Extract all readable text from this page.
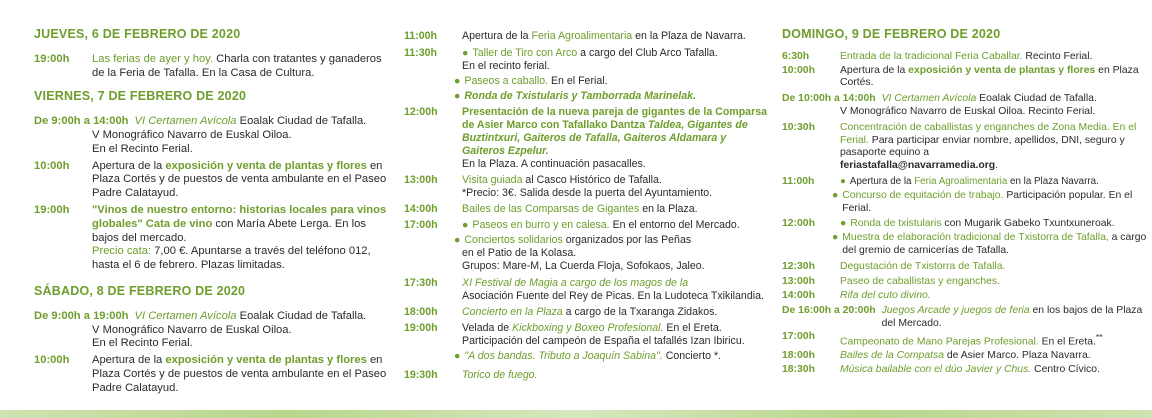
JUEVES, 6 DE FEBRERO DE 2020
19:00h	Las ferias de ayer y hoy. Charla con tratantes y ganaderos de la Feria de Tafalla. En la Casa de Cultura.
VIERNES, 7 DE FEBRERO DE 2020
De 9:00h a 14:00h VI Certamen Avícola Eoalak Ciudad de Tafalla.
V Monográfico Navarro de Euskal Oiloa.
En el Recinto Ferial.
10:00h	Apertura de la exposición y venta de plantas y flores en Plaza Cortés y de puestos de venta ambulante en el Paseo Padre Calatayud.
19:00h	"Vinos de nuestro entorno: historias locales para vinos globales" Cata de vino con María Abete Lerga. En los bajos del mercado.
Precio cata: 7,00 €. Apuntarse a través del teléfono 012, hasta el 6 de febrero. Plazas limitadas.
SÁBADO, 8 DE FEBRERO DE 2020
De 9:00h a 19:00h VI Certamen Avícola Eoalak Ciudad de Tafalla.
V Monográfico Navarro de Euskal Oiloa.
En el Recinto Ferial.
10:00h	Apertura de la exposición y venta de plantas y flores en Plaza Cortés y de puestos de venta ambulante en el Paseo Padre Calatayud.
11:00h	Apertura de la Feria Agroalimentaria en la Plaza de Navarra.
11:30h	● Taller de Tiro con Arco a cargo del Club Arco Tafalla.
En el recinto ferial.
● Paseos a caballo. En el Ferial.
● Ronda de Txistularis y Tamborrada Marinelak.
12:00h	Presentación de la nueva pareja de gigantes de la Comparsa de Asier Marco con Tafallako Dantza Taldea, Gigantes de Buztintxuri, Gaiteros de Tafalla, Gaiteros Aldamara y Gaiteros Ezpelur.
En la Plaza. A continuación pasacalles.
13:00h	Visita guiada al Casco Histórico de Tafalla.
*Precio: 3€. Salida desde la puerta del Ayuntamiento.
14:00h	Bailes de las Comparsas de Gigantes en la Plaza.
17:00h	● Paseos en burro y en calesa. En el entorno del Mercado.
● Conciertos solidarios organizados por las Peñas
en el Patio de la Kolasa.
Grupos: Mare-M, La Cuerda Floja, Sofokaos, Jaleo.
17:30h	XI Festival de Magia a cargo de los magos de la
Asociación Fuente del Rey de Picas. En la Ludoteca Txikilandia.
18:00h	Concierto en la Plaza a cargo de la Txaranga Zidakos.
19:00h	Velada de Kickboxing y Boxeo Profesional. En el Ereta.
Participación del campeón de España el tafallés Izan Ibiricu.
● "A dos bandas. Tributo a Joaquín Sabina". Concierto *.
19:30h	Torico de fuego.
DOMINGO, 9 DE FEBRERO DE 2020
6:30h	Entrada de la tradicional Feria Caballar. Recinto Ferial.
10:00h	Apertura de la exposición y venta de plantas y flores en Plaza Cortés.
De 10:00h a 14:00h VI Certamen Avícola Eoalak Ciudad de Tafalla.
V Monográfico Navarro de Euskal Oiloa. Recinto Ferial.
10:30h	Concentración de caballistas y enganches de Zona Media. En el Ferial. Para participar enviar nombre, apellidos, DNI, seguro y pasaporte equino a
feriastafalla@navarramedia.org.
11:00h	● Apertura de la Feria Agroalimentaria en la Plaza Navarra.
● Concurso de equitación de trabajo. Participación popular. En el Ferial.
12:00h	● Ronda de txistularis con Mugarik Gabeko Txuntxuneroak.
● Muestra de elaboración tradicional de Txistorra de Tafalla, a cargo del gremio de carnicerías de Tafalla.
12:30h	Degustación de Txistorra de Tafalla.
13:00h	Paseo de caballistas y enganches.
14:00h	Rifa del cuto divino.
De 16:00h a 20:00h Juegos Arcade y juegos de feria en los bajos de la Plaza del Mercado.
17:00h	Campeonato de Mano Parejas Profesional. En el Ereta.**
18:00h	Bailes de la Compatsa de Asier Marco. Plaza Navarra.
18:30h	Música bailable con el dúo Javier y Chus. Centro Cívico.
